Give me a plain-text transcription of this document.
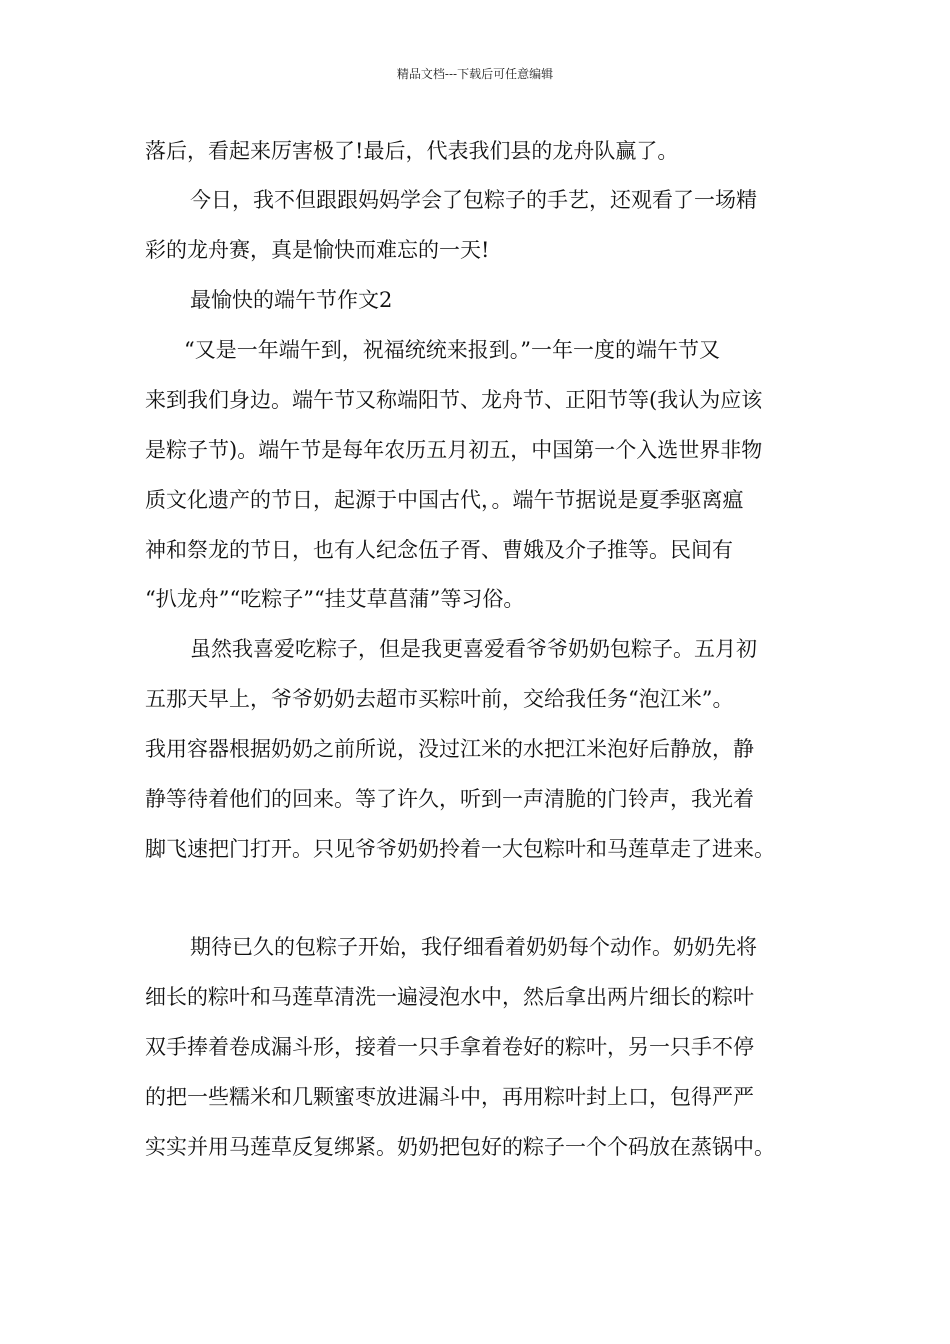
精品文档---下载后可任意编辑
落后，看起来厉害极了!最后，代表我们县的龙舟队赢了。
今日，我不但跟跟妈妈学会了包粽子的手艺，还观看了一场精
彩的龙舟赛，真是愉快而难忘的一天!
最愉快的端午节作文2
“又是一年端午到，祝福统统来报到。”一年一度的端午节又
来到我们身边。端午节又称端阳节、龙舟节、正阳节等(我认为应该
是粽子节)。端午节是每年农历五月初五，中国第一个入选世界非物
质文化遗产的节日，起源于中国古代，。端午节据说是夏季驱离瘟
神和祭龙的节日，也有人纪念伍子胥、曹娥及介子推等。民间有
“扒龙舟”“吃粽子”“挂艾草菖蒲”等习俗。
虽然我喜爱吃粽子，但是我更喜爱看爷爷奶奶包粽子。五月初
五那天早上，爷爷奶奶去超市买粽叶前，交给我任务“泡江米”。
我用容器根据奶奶之前所说，没过江米的水把江米泡好后静放，静
静等待着他们的回来。等了许久，听到一声清脆的门铃声，我光着
脚飞速把门打开。只见爷爷奶奶拎着一大包粽叶和马莲草走了进来。
期待已久的包粽子开始，我仔细看着奶奶每个动作。奶奶先将
细长的粽叶和马莲草清洗一遍浸泡水中，然后拿出两片细长的粽叶
双手捧着卷成漏斗形，接着一只手拿着卷好的粽叶，另一只手不停
的把一些糯米和几颗蜜枣放进漏斗中，再用粽叶封上口，包得严严
实实并用马莲草反复绑紧。奶奶把包好的粽子一个个码放在蒸锅中。
